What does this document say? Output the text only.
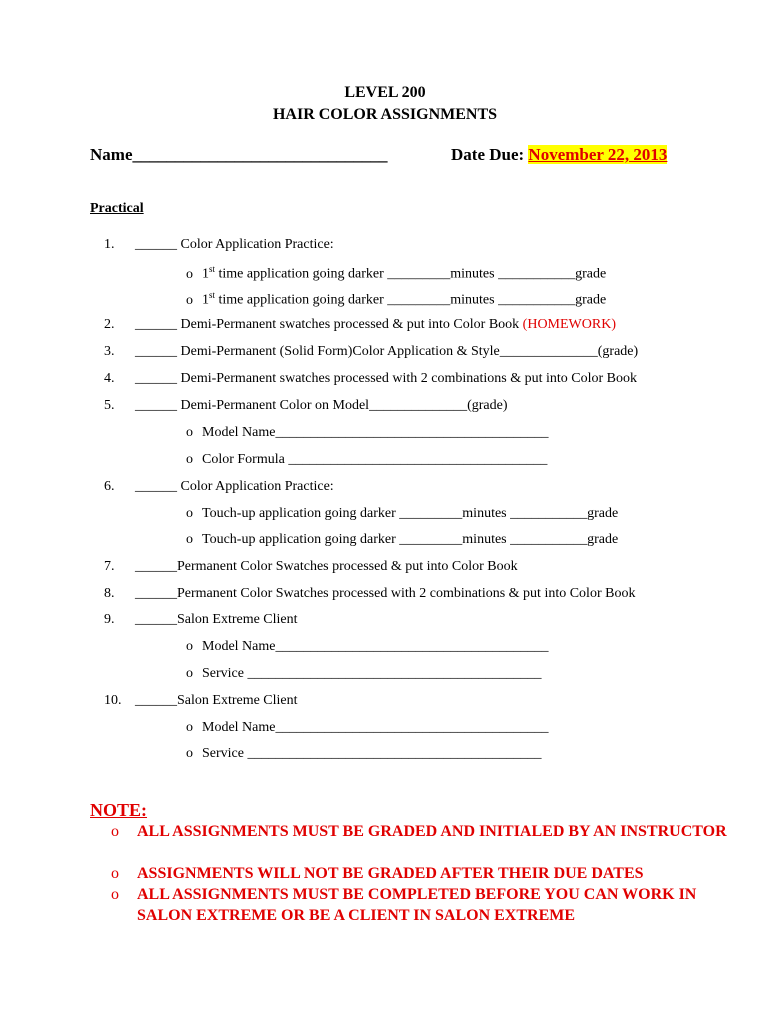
LEVEL 200
HAIR COLOR ASSIGNMENTS
Name______________________________	Date Due: November 22, 2013
Practical
1. ______ Color Application Practice:
o 1st time application going darker _________minutes ___________grade
o 1st time application going darker _________minutes ___________grade
2. ______ Demi-Permanent swatches processed & put into Color Book (HOMEWORK)
3. ______ Demi-Permanent (Solid Form)Color Application & Style______________(grade)
4. ______ Demi-Permanent swatches processed with 2 combinations & put into Color Book
5. ______ Demi-Permanent Color on Model______________(grade)
o Model Name_______________________________________
o Color Formula _____________________________________
6. ______ Color Application Practice:
o Touch-up application going darker _________minutes ___________grade
o Touch-up application going darker _________minutes ___________grade
7. ______Permanent Color Swatches processed & put into Color Book
8. ______Permanent Color Swatches processed with 2 combinations & put into Color Book
9. ______Salon Extreme Client
o Model Name_______________________________________
o Service __________________________________________
10. ______Salon Extreme Client
o Model Name_______________________________________
o Service __________________________________________
NOTE:
o ALL ASSIGNMENTS MUST BE GRADED AND INITIALED BY AN INSTRUCTOR
o ASSIGNMENTS WILL NOT BE GRADED AFTER THEIR DUE DATES
o ALL ASSIGNMENTS MUST BE COMPLETED BEFORE YOU CAN WORK IN SALON EXTREME OR BE A CLIENT IN SALON EXTREME
